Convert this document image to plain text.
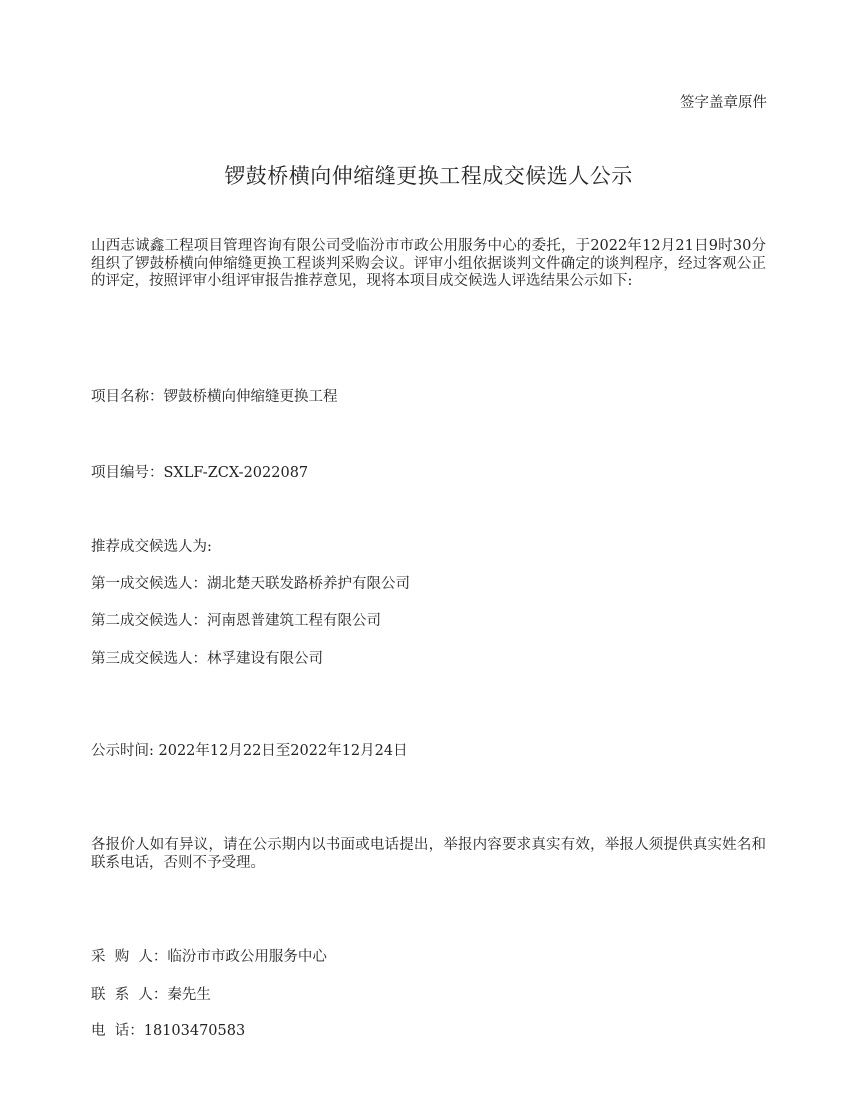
签字盖章原件
锣鼓桥横向伸缩缝更换工程成交候选人公示
山西志诚鑫工程项目管理咨询有限公司受临汾市市政公用服务中心的委托，于2022年12月21日9时30分组织了锣鼓桥横向伸缩缝更换工程谈判采购会议。评审小组依据谈判文件确定的谈判程序，经过客观公正的评定，按照评审小组评审报告推荐意见，现将本项目成交候选人评选结果公示如下:
项目名称：锣鼓桥横向伸缩缝更换工程
项目编号：SXLF-ZCX-2022087
推荐成交候选人为:
第一成交候选人：湖北楚天联发路桥养护有限公司
第二成交候选人：河南恩普建筑工程有限公司
第三成交候选人：林孚建设有限公司
公示时间: 2022年12月22日至2022年12月24日
各报价人如有异议，请在公示期内以书面或电话提出，举报内容要求真实有效，举报人须提供真实姓名和联系电话，否则不予受理。
采  购  人：临汾市市政公用服务中心
联  系  人：秦先生
电  话：18103470583
